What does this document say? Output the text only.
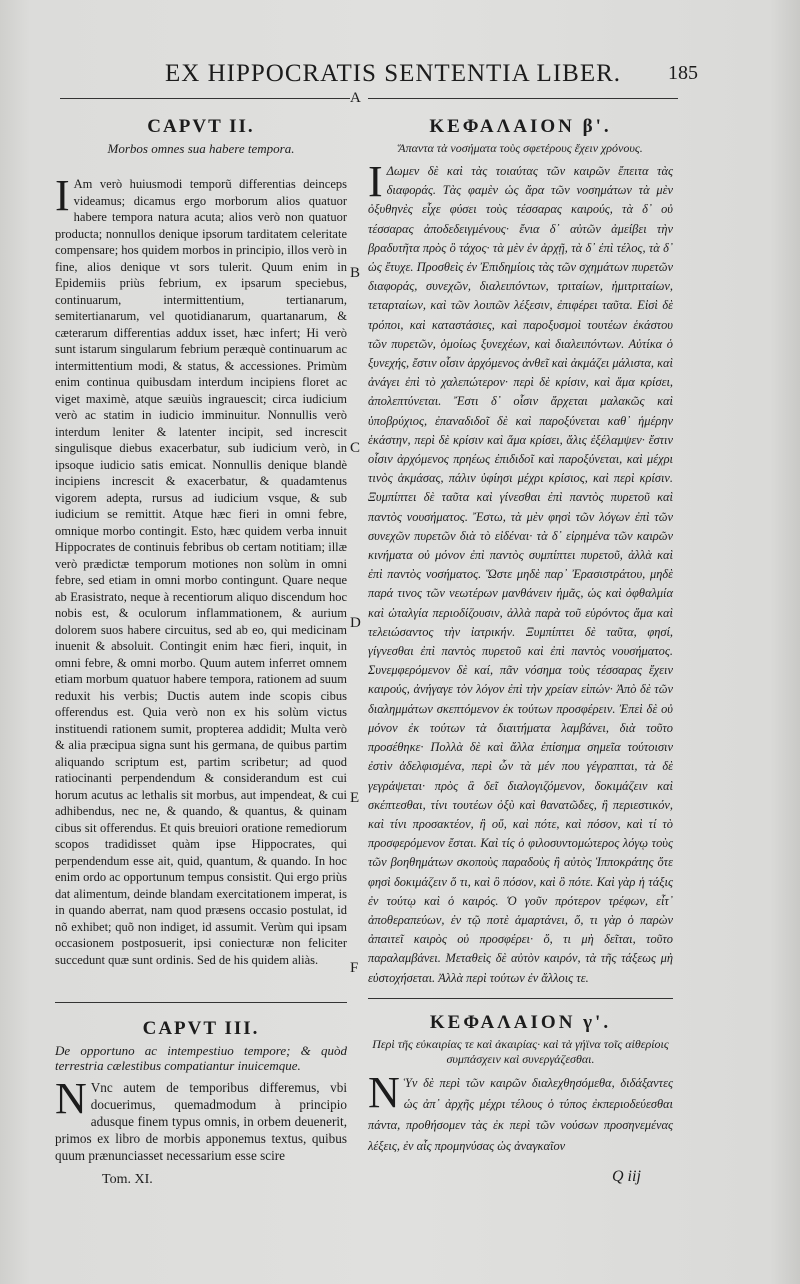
EX HIPPOCRATIS SENTENTIA LIBER. 185
A
B
C
D
E
F
CAPVT II.

Morbos omnes sua habere tempora.

I Am verò huiusmodi temporũ differentias deinceps videamus; dicamus ergo morborum alios quatuor habere tempora natura acuta; alios verò non quatuor producta; nonnullos denique ipsorum tarditatem celeritate compensare; hos quidem morbos in principio, illos verò in fine, alios denique vt sors tulerit. Quum enim in Epidemiis priùs febrium, ex ipsarum speciebus, continuarum, intermittentium, tertianarum, semitertianarum, vel quotidianarum, quartanarum, & cæterarum differentias addux isset, hæc infert; Hi verò sunt istarum singularum febrium peræquè continuarum ac intermittentium modi, & status, & accessiones. Primùm enim continua quibusdam interdum incipiens floret ac viget maximè, atque sæuiùs ingrauescit; circa iudicium verò ac statim in iudicio imminuitur. Nonnullis verò interdum leniter & latenter incipit, sed increscit singulisque diebus exacerbatur, sub iudicium verò, in ipsoque iudicio satis emicat. Nonnullis denique blandè incipiens increscit & exacerbatur, & quadamtenus vigorem adepta, rursus ad iudicium vsque, & sub iudicium se remittit. Atque hæc fieri in omni febre, omnique morbo contingit. Esto, hæc quidem verba innuit Hippocrates de continuis febribus ob certam notitiam; illæ verò prædictæ temporum motiones non solùm in omni febre, sed etiam in omni morbo contingunt. Quare neque ab Erasistrato, neque à recentiorum aliquo discendum hoc nobis est, & oculorum inflammationem, & aurium dolorem suos habere circuitus, sed ab eo, qui medicinam inuenit & absoluit. Contingit enim hæc fieri, inquit, in omni febre, & omni morbo. Quum autem inferret omnem etiam morbum quatuor habere tempora, rationem ad suum reduxit his verbis; Ductis autem inde scopis cibus offerendus est. Quia verò non ex his solùm victus instituendi rationem sumit, propterea addidit; Multa verò & alia præcipua signa sunt his germana, de quibus partim aliquando scriptum est, partim scribetur; ad quod ratiocinanti perpendendum & considerandum est cui horum acutus ac lethalis sit morbus, aut impendeat, & cui adhibendus, nec ne, & quando, & quantus, & quinam cibus sit offerendus. Et quis breuiori oratione remediorum scopos tradidisset quàm ipse Hippocrates, qui perpendendum esse ait, quid, quantum, & quando. In hoc enim ordo ac opportunum tempus consistit. Qui ergo priùs dat alimentum, deinde blandam exercitationem imperat, is in quando aberrat, nam quod præsens occasio postulat, id nõ exhibet; quõ non indiget, id assumit. Verùm qui ipsam occasionem postposuerit, ipsi coniecturæ non feliciter succedunt quæ sunt ordinis. Sed de his quidem aliàs.

CAPVT III.

De opportuno ac intempestiuo tempore; & quòd terrestria cælestibus compatiantur inuicemque.

N Vnc autem de temporibus differemus, vbi docuerimus, quemadmodum à principio adusque finem typus omnis, in orbem deuenerit, primos ex libro de morbis apponemus textus, quibus quum prænunciasset necessarium esse scire

Tom. XI.
ΚΕΦΑΛΑΙΟΝ β'.

Ἅπαντα τὰ νοσήματα τοὺς σφετέρους ἔχειν χρόνους.

Ι Δωμεν δὲ καὶ τὰς τοιαύτας τῶν καιρῶν ἔπειτα τὰς διαφοράς. Τὰς φαμὲν ὡς ἄρα τῶν νοσημάτων τὰ μὲν ὀξυθηνὲς εἶχε φύσει τοὺς τέσσαρας καιρούς, τὰ δ᾽ οὐ τέσσαρας ἀποδεδειγμένους· ἔνια δ᾽ αὐτῶν ἀμείβει τὴν βραδυτῆτα πρὸς ὃ τάχος· τὰ μὲν ἐν ἀρχῇ, τὰ δ᾽ ἐπὶ τέλος, τὰ δ᾽ ὡς ἔτυχε. Προσθεὶς ἐν Ἐπιδημίοις τὰς τῶν σχημάτων πυρετῶν διαφοράς, συνεχῶν, διαλειπόντων, τριταίων, ἡμιτριταίων, τεταρταίων, καὶ τῶν λοιπῶν λέξεσιν, ἐπιφέρει ταῦτα. Εἰσὶ δὲ τρόποι, καὶ καταστάσιες, καὶ παροξυσμοὶ τουτέων ἑκάστου τῶν πυρετῶν, ὁμοίως ξυνεχέων, καὶ διαλειπόντων. Αὐτίκα ὁ ξυνεχής, ἔστιν οἷσιν ἀρχόμενος ἀνθεῖ καὶ ἀκμάζει μάλιστα, καὶ ἀνάγει ἐπὶ τὸ χαλεπώτερον· περὶ δὲ κρίσιν, καὶ ἅμα κρίσει, ἀπολεπτύνεται. Ἔστι δ᾽ οἷσιν ἄρχεται μαλακῶς καὶ ὑποβρύχιος, ἐπαναδιδοῖ δὲ καὶ παροξύνεται καθ᾽ ἡμέρην ἑκάστην, περὶ δὲ κρίσιν καὶ ἅμα κρίσει, ἅλις ἐξέλαμψεν· ἔστιν οἷσιν ἀρχόμενος πρηέως ἐπιδιδοῖ καὶ παροξύνεται, καὶ μέχρι τινὸς ἀκμάσας, πάλιν ὑφίησι μέχρι κρίσιος, καὶ περὶ κρίσιν. Ξυμπίπτει δὲ ταῦτα καὶ γίνεσθαι ἐπὶ παντὸς πυρετοῦ καὶ παντὸς νουσήματος. Ἔστω, τὰ μὲν φησὶ τῶν λόγων ἐπὶ τῶν συνεχῶν πυρετῶν διὰ τὸ εἰδέναι· τὰ δ᾽ εἰρημένα τῶν καιρῶν κινήματα οὐ μόνον ἐπὶ παντὸς συμπίπτει πυρετοῦ, ἀλλὰ καὶ ἐπὶ παντὸς νοσήματος. Ὥστε μηδὲ παρ᾽ Ἐρασιστράτου, μηδὲ παρά τινος τῶν νεωτέρων μανθάνειν ἡμᾶς, ὡς καὶ ὀφθαλμία καὶ ὠταλγία περιοδίζουσιν, ἀλλὰ παρὰ τοῦ εὑρόντος ἅμα καὶ τελειώσαντος τὴν ἰατρικήν. Ξυμπίπτει δὲ ταῦτα, φησί, γίγνεσθαι ἐπὶ παντὸς πυρετοῦ καὶ ἐπὶ παντὸς νουσήματος. Συνεμφερόμενον δὲ καί, πᾶν νόσημα τοὺς τέσσαρας ἔχειν καιρούς, ἀνήγαγε τὸν λόγον ἐπὶ τὴν χρείαν εἰπών· Ἀπὸ δὲ τῶν διαλημμάτων σκεπτόμενον ἐκ τούτων προσφέρειν. Ἐπεὶ δὲ οὐ μόνον ἐκ τούτων τὰ διαιτήματα λαμβάνει, διὰ τοῦτο προσέθηκε· Πολλὰ δὲ καὶ ἄλλα ἐπίσημα σημεῖα τούτοισιν ἐστὶν ἀδελφισμένα, περὶ ὧν τὰ μέν που γέγραπται, τὰ δὲ γεγράψεται· πρὸς ἃ δεῖ διαλογιζόμενον, δοκιμάζειν καὶ σκέπτεσθαι, τίνι τουτέων ὀξὺ καὶ θανατῶδες, ἢ περιεστικόν, καὶ τίνι προσακτέον, ἢ οὔ, καὶ πότε, καὶ πόσον, καὶ τί τὸ προσφερόμενον ἔσται. Καὶ τίς ὁ φιλοσυντομώτερος λόγῳ τοὺς τῶν βοηθημάτων σκοποὺς παραδοὺς ἢ αὐτὸς Ἱπποκράτης ὅτε φησὶ δοκιμάζειν ὅ τι, καὶ ὃ πόσον, καὶ ὃ πότε. Καὶ γὰρ ἡ τάξις ἐν τούτῳ καὶ ὁ καιρός. Ὁ γοῦν πρότερον τρέφων, εἶτ᾽ ἀποθεραπεύων, ἐν τῷ ποτὲ ἁμαρτάνει, ὅ, τι γὰρ ὁ παρὼν ἀπαιτεῖ καιρὸς οὐ προσφέρει· ὅ, τι μὴ δεῖται, τοῦτο παραλαμβάνει. Μεταθεὶς δὲ αὐτὸν καιρόν, τὰ τῆς τάξεως μὴ εὐστοχήσεται. Ἀλλὰ περὶ τούτων ἐν ἄλλοις τε.

ΚΕΦΑΛΑΙΟΝ γ'.

Περὶ τῆς εὐκαιρίας τε καὶ ἀκαιρίας· καὶ τὰ γήϊνα τοῖς αἰθερίοις συμπάσχειν καὶ συνεργάζεσθαι.

Ν Ὑν δὲ περὶ τῶν καιρῶν διαλεχθησόμεθα, διδάξαντες ὡς ἀπ᾽ ἀρχῆς μέχρι τέλους ὁ τύπος ἐκπεριοδεύεσθαι πάντα, προθήσομεν τὰς ἐκ περὶ τῶν νούσων προσηνεμένας λέξεις, ἐν αἷς προμηνύσας ὡς ἀναγκαῖον

Q iij
